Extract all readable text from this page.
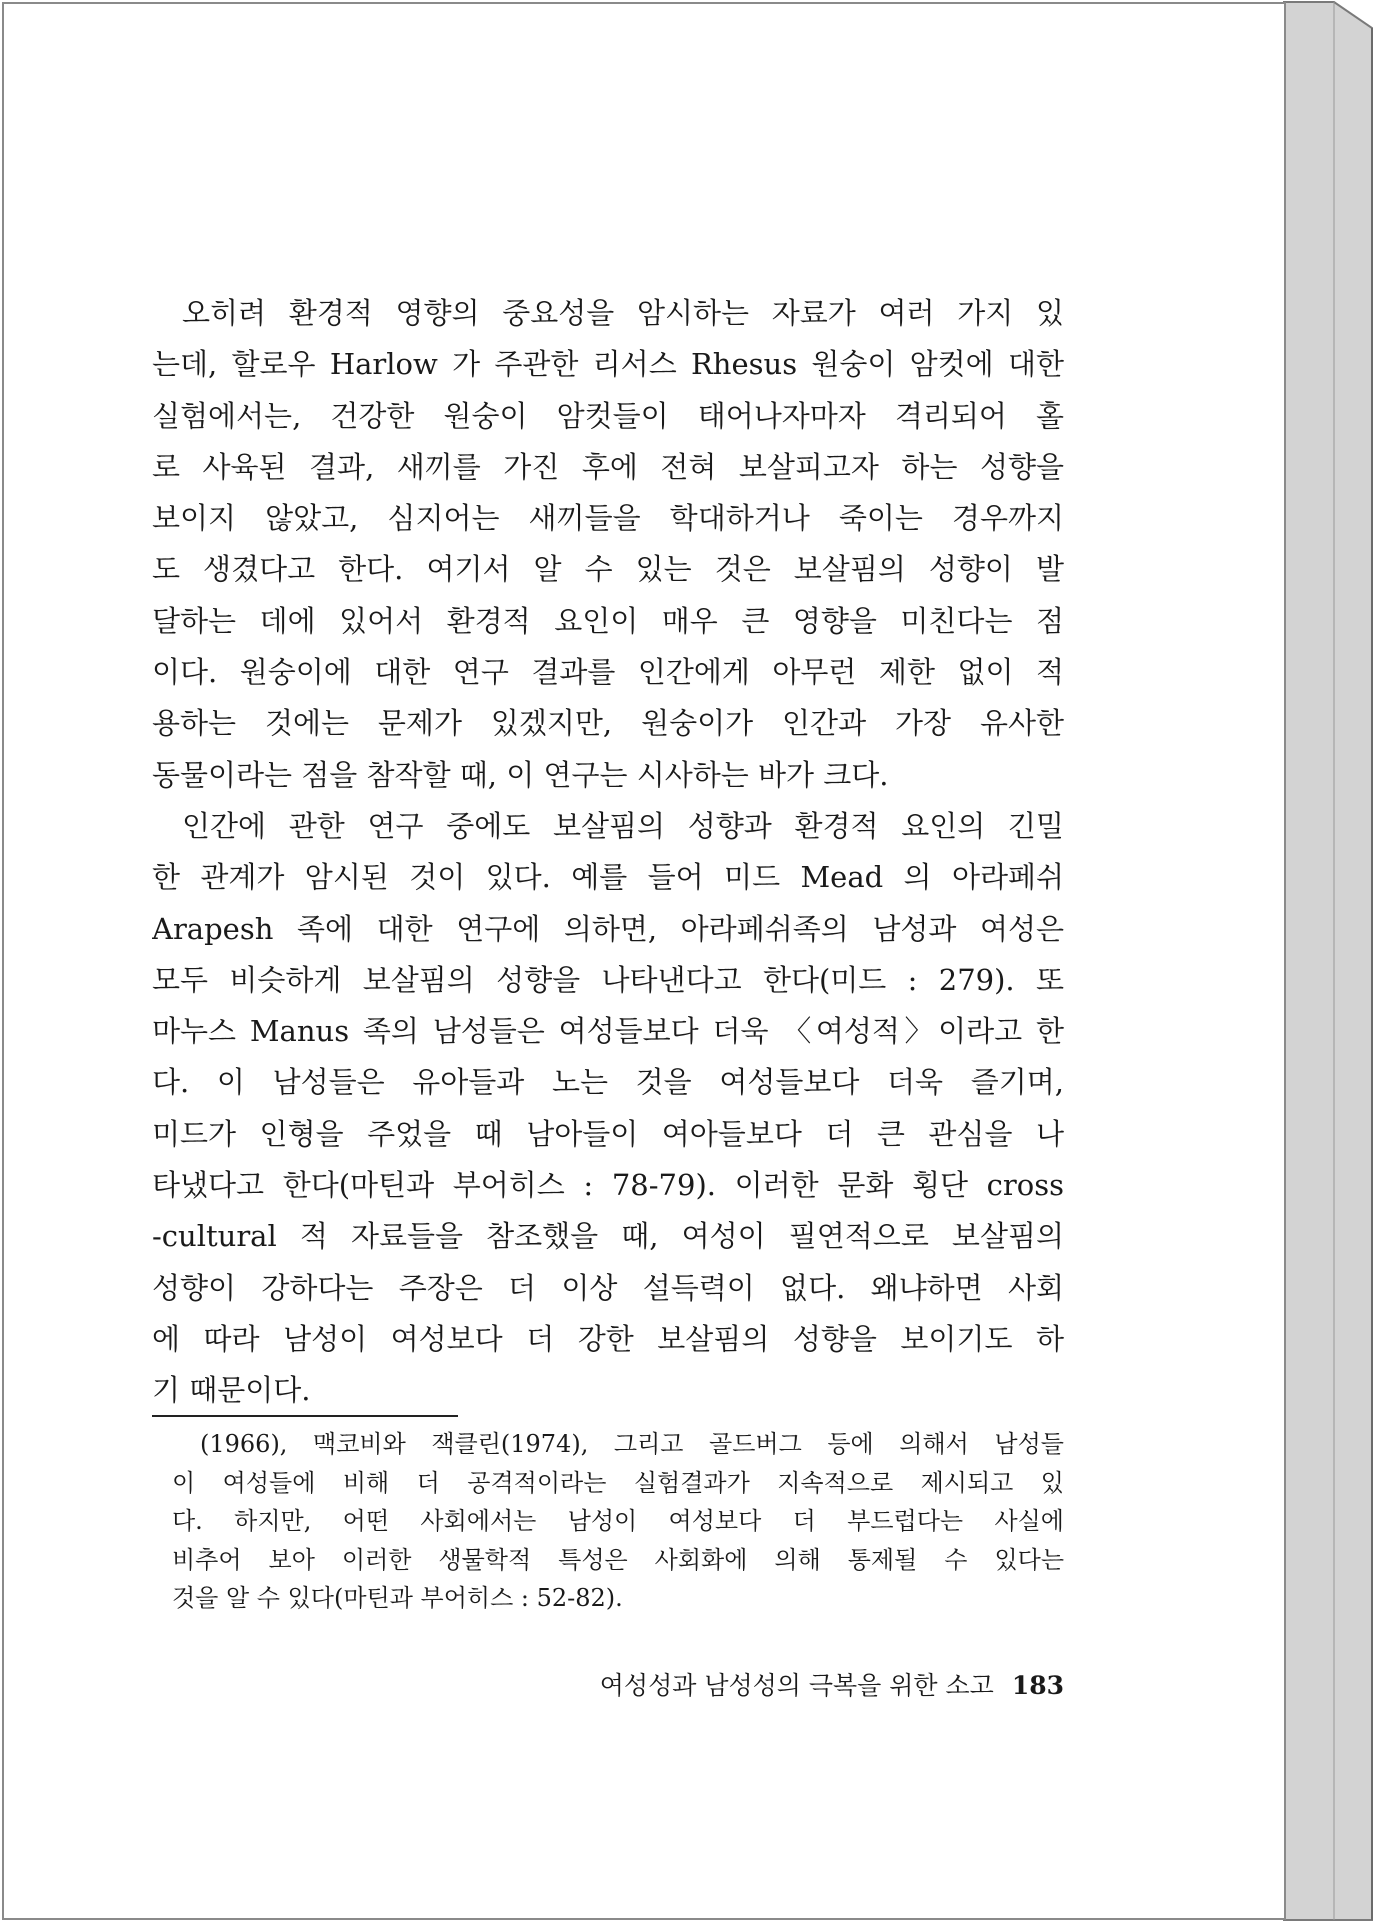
오히려 환경적 영향의 중요성을 암시하는 자료가 여러 가지 있
는데, 할로우 Harlow 가 주관한 리서스 Rhesus 원숭이 암컷에 대한
실험에서는, 건강한 원숭이 암컷들이 태어나자마자 격리되어 홀
로 사육된 결과, 새끼를 가진 후에 전혀 보살피고자 하는 성향을
보이지 않았고, 심지어는 새끼들을 학대하거나 죽이는 경우까지
도 생겼다고 한다. 여기서 알 수 있는 것은 보살핌의 성향이 발
달하는 데에 있어서 환경적 요인이 매우 큰 영향을 미친다는 점
이다. 원숭이에 대한 연구 결과를 인간에게 아무런 제한 없이 적
용하는 것에는 문제가 있겠지만, 원숭이가 인간과 가장 유사한
동물이라는 점을 참작할 때, 이 연구는 시사하는 바가 크다.
인간에 관한 연구 중에도 보살핌의 성향과 환경적 요인의 긴밀
한 관계가 암시된 것이 있다. 예를 들어 미드 Mead 의 아라페쉬
Arapesh 족에 대한 연구에 의하면, 아라페쉬족의 남성과 여성은
모두 비슷하게 보살핌의 성향을 나타낸다고 한다(미드 : 279). 또
마누스 Manus 족의 남성들은 여성들보다 더욱 〈여성적〉이라고 한
다. 이 남성들은 유아들과 노는 것을 여성들보다 더욱 즐기며,
미드가 인형을 주었을 때 남아들이 여아들보다 더 큰 관심을 나
타냈다고 한다(마틴과 부어히스 : 78-79). 이러한 문화 횡단 cross
-cultural 적 자료들을 참조했을 때, 여성이 필연적으로 보살핌의
성향이 강하다는 주장은 더 이상 설득력이 없다. 왜냐하면 사회
에 따라 남성이 여성보다 더 강한 보살핌의 성향을 보이기도 하
기 때문이다.
(1966), 맥코비와 잭클린(1974), 그리고 골드버그 등에 의해서 남성들
이 여성들에 비해 더 공격적이라는 실험결과가 지속적으로 제시되고 있
다. 하지만, 어떤 사회에서는 남성이 여성보다 더 부드럽다는 사실에
비추어 보아 이러한 생물학적 특성은 사회화에 의해 통제될 수 있다는
것을 알 수 있다(마틴과 부어히스 : 52-82).
여성성과 남성성의 극복을 위한 소고 183
